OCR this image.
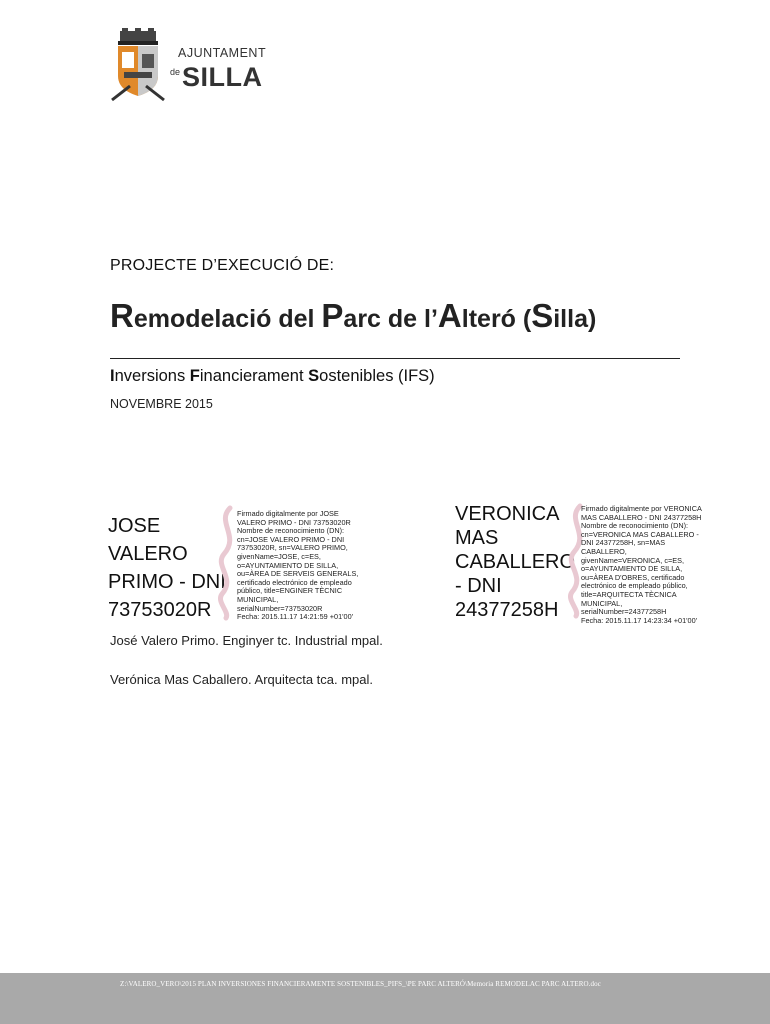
AJUNTAMENT
de SILLA
PROJECTE D’EXECUCIÓ DE:
Remodelació del Parc de l’Alteró (Silla)
Inversions Financierament Sostenibles (IFS)
NOVEMBRE 2015
JOSE
VALERO
PRIMO - DNI
73753020R
Firmado digitalmente por JOSE
VALERO PRIMO - DNI 73753020R
Nombre de reconocimiento (DN):
cn=JOSE VALERO PRIMO - DNI
73753020R, sn=VALERO PRIMO,
givenName=JOSE, c=ES,
o=AYUNTAMIENTO DE SILLA,
ou=ÀREA DE SERVEIS GENERALS,
certificado electrónico de empleado
público, title=ENGINER TÈCNIC
MUNICIPAL,
serialNumber=73753020R
Fecha: 2015.11.17 14:21:59 +01'00'
VERONICA
MAS
CABALLERO
- DNI
24377258H
Firmado digitalmente por VERONICA
MAS CABALLERO - DNI 24377258H
Nombre de reconocimiento (DN):
cn=VERONICA MAS CABALLERO -
DNI 24377258H, sn=MAS
CABALLERO,
givenName=VERONICA, c=ES,
o=AYUNTAMIENTO DE SILLA,
ou=ÀREA D'OBRES, certificado
electrónico de empleado público,
title=ARQUITECTA TÈCNICA
MUNICIPAL,
serialNumber=24377258H
Fecha: 2015.11.17 14:23:34 +01'00'
José Valero Primo. Enginyer tc. Industrial mpal.
Verónica Mas Caballero. Arquitecta tca. mpal.
Z:\VALERO_VERO\2015 PLAN INVERSIONES FINANCIERAMENTE SOSTENIBLES_PIFS_\PE PARC ALTERÓ\Memoria REMODELAC PARC ALTERO.doc
